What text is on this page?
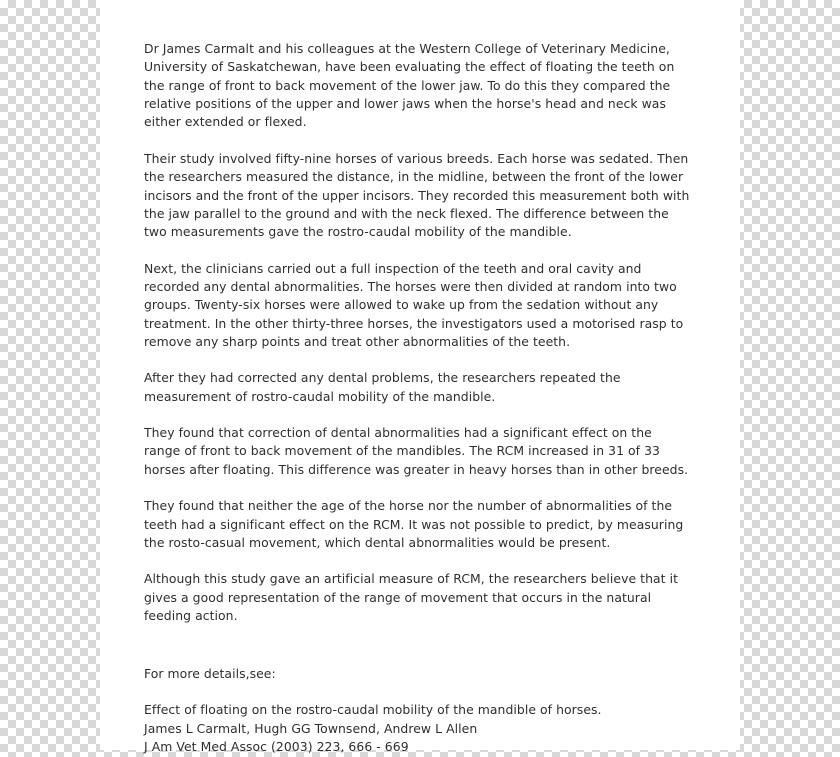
Dr James Carmalt and his colleagues at the Western College of Veterinary Medicine, University of Saskatchewan, have been evaluating the effect of floating the teeth on the range of front to back movement of the lower jaw. To do this they compared the relative positions of the upper and lower jaws when the horse's head and neck was either extended or flexed.

Their study involved fifty-nine horses of various breeds. Each horse was sedated. Then the researchers measured the distance, in the midline, between the front of the lower incisors and the front of the upper incisors. They recorded this measurement both with the jaw parallel to the ground and with the neck flexed. The difference between the two measurements gave the rostro-caudal mobility of the mandible.

Next, the clinicians carried out a full inspection of the teeth and oral cavity and recorded any dental abnormalities. The horses were then divided at random into two groups. Twenty-six horses were allowed to wake up from the sedation without any treatment. In the other thirty-three horses, the investigators used a motorised rasp to remove any sharp points and treat other abnormalities of the teeth.

After they had corrected any dental problems, the researchers repeated the measurement of rostro-caudal mobility of the mandible.

They found that correction of dental abnormalities had a significant effect on the range of front to back movement of the mandibles. The RCM increased in 31 of 33 horses after floating. This difference was greater in heavy horses than in other breeds.

They found that neither the age of the horse nor the number of abnormalities of the teeth had a significant effect on the RCM. It was not possible to predict, by measuring the rosto-casual movement, which dental abnormalities would be present.

Although this study gave an artificial measure of RCM, the researchers believe that it gives a good representation of the range of movement that occurs in the natural feeding action.

For more details,see:

Effect of floating on the rostro-caudal mobility of the mandible of horses.

James L Carmalt, Hugh GG Townsend, Andrew L Allen

J Am Vet Med Assoc (2003) 223, 666 - 669
